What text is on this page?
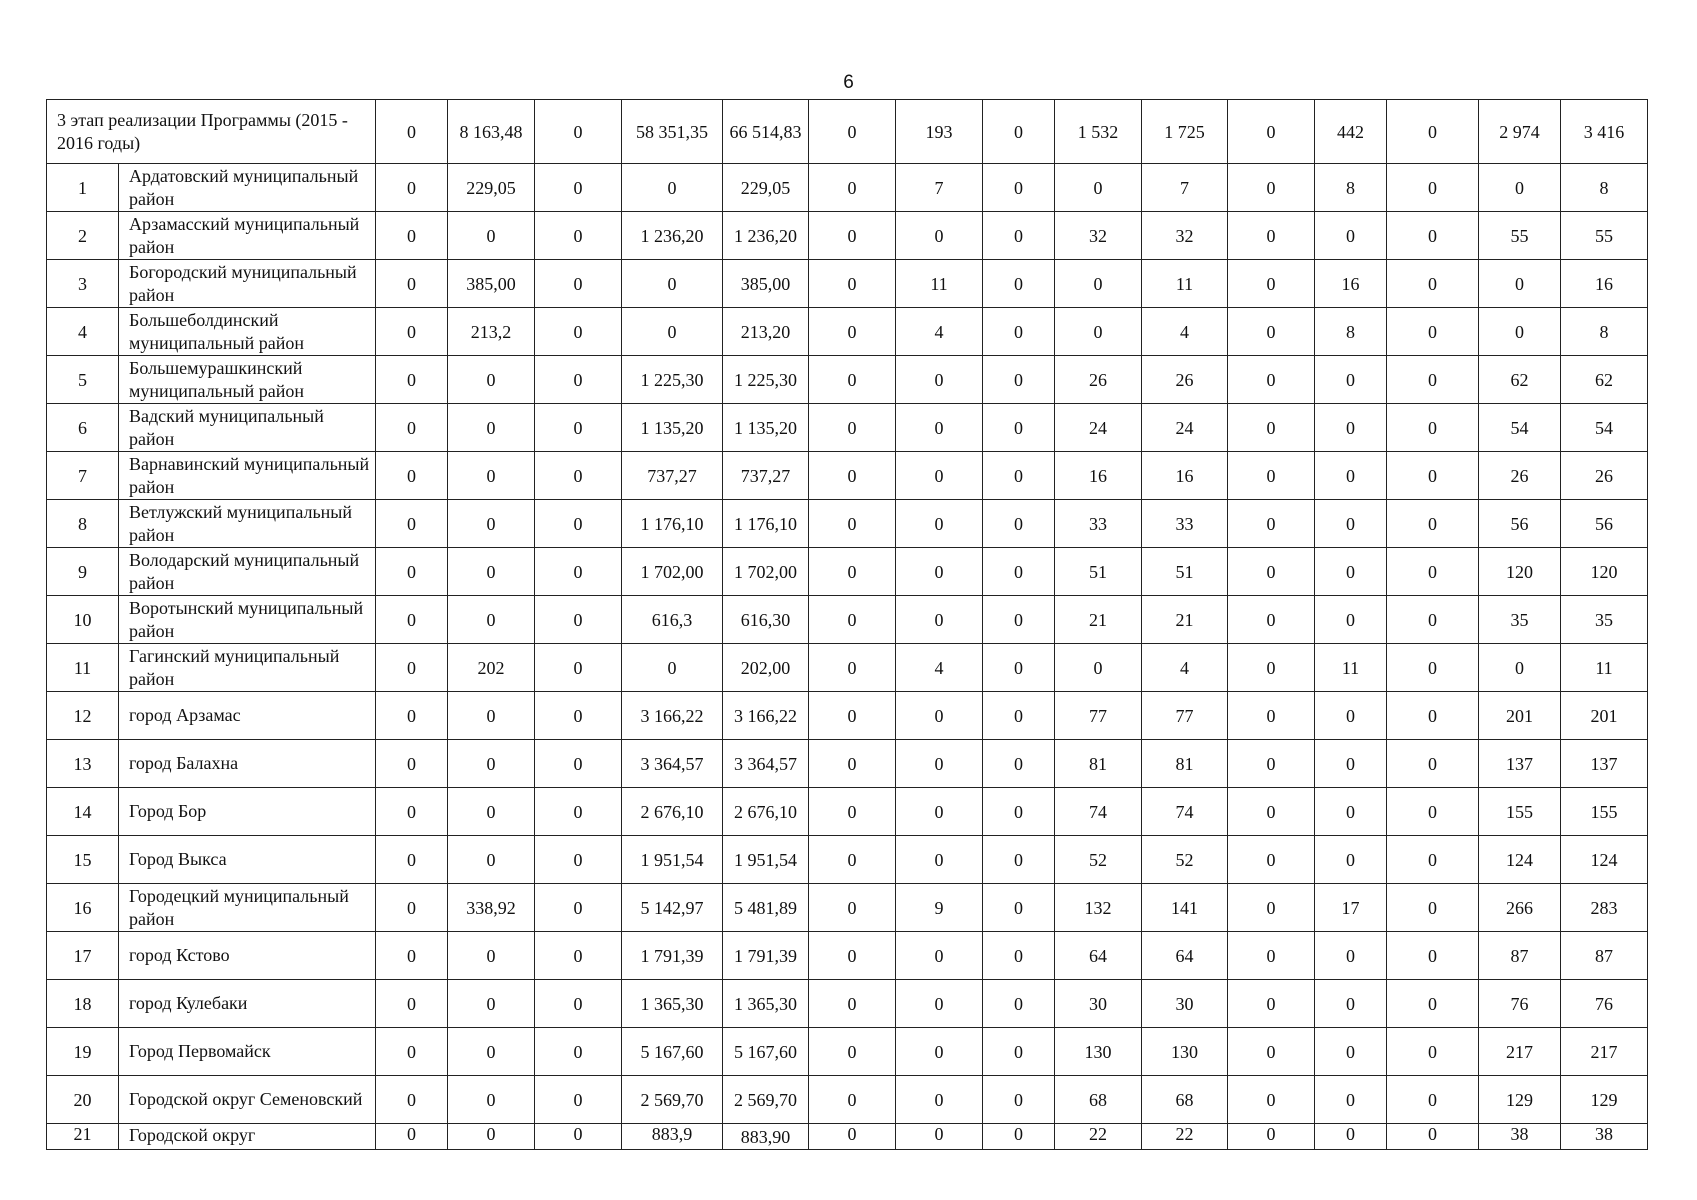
6
3 этап реализации Программы (2015 - 2016 годы)		0	8 163,48	0	58 351,35	66 514,83	0	193	0	1 532	1 725	0	442	0	2 974	3 416
1	Ардатовский муниципальный район	0	229,05	0	0	229,05	0	7	0	0	7	0	8	0	0	8
2	Арзамасский муниципальный район	0	0	0	1 236,20	1 236,20	0	0	0	32	32	0	0	0	55	55
3	Богородский муниципальный район	0	385,00	0	0	385,00	0	11	0	0	11	0	16	0	0	16
4	Большеболдинский муниципальный район	0	213,2	0	0	213,20	0	4	0	0	4	0	8	0	0	8
5	Большемурашкинский муниципальный район	0	0	0	1 225,30	1 225,30	0	0	0	26	26	0	0	0	62	62
6	Вадский муниципальный район	0	0	0	1 135,20	1 135,20	0	0	0	24	24	0	0	0	54	54
7	Варнавинский муниципальный район	0	0	0	737,27	737,27	0	0	0	16	16	0	0	0	26	26
8	Ветлужский муниципальный район	0	0	0	1 176,10	1 176,10	0	0	0	33	33	0	0	0	56	56
9	Володарский муниципальный район	0	0	0	1 702,00	1 702,00	0	0	0	51	51	0	0	0	120	120
10	Воротынский муниципальный район	0	0	0	616,3	616,30	0	0	0	21	21	0	0	0	35	35
11	Гагинский муниципальный район	0	202	0	0	202,00	0	4	0	0	4	0	11	0	0	11
12	город Арзамас	0	0	0	3 166,22	3 166,22	0	0	0	77	77	0	0	0	201	201
13	город Балахна	0	0	0	3 364,57	3 364,57	0	0	0	81	81	0	0	0	137	137
14	Город Бор	0	0	0	2 676,10	2 676,10	0	0	0	74	74	0	0	0	155	155
15	Город Выкса	0	0	0	1 951,54	1 951,54	0	0	0	52	52	0	0	0	124	124
16	Городецкий муниципальный район	0	338,92	0	5 142,97	5 481,89	0	9	0	132	141	0	17	0	266	283
17	город Кстово	0	0	0	1 791,39	1 791,39	0	0	0	64	64	0	0	0	87	87
18	город Кулебаки	0	0	0	1 365,30	1 365,30	0	0	0	30	30	0	0	0	76	76
19	Город Первомайск	0	0	0	5 167,60	5 167,60	0	0	0	130	130	0	0	0	217	217
20	Городской округ Семеновский	0	0	0	2 569,70	2 569,70	0	0	0	68	68	0	0	0	129	129
21	Городской округ	0	0	0	883,9	883,90	0	0	0	22	22	0	0	0	38	38
